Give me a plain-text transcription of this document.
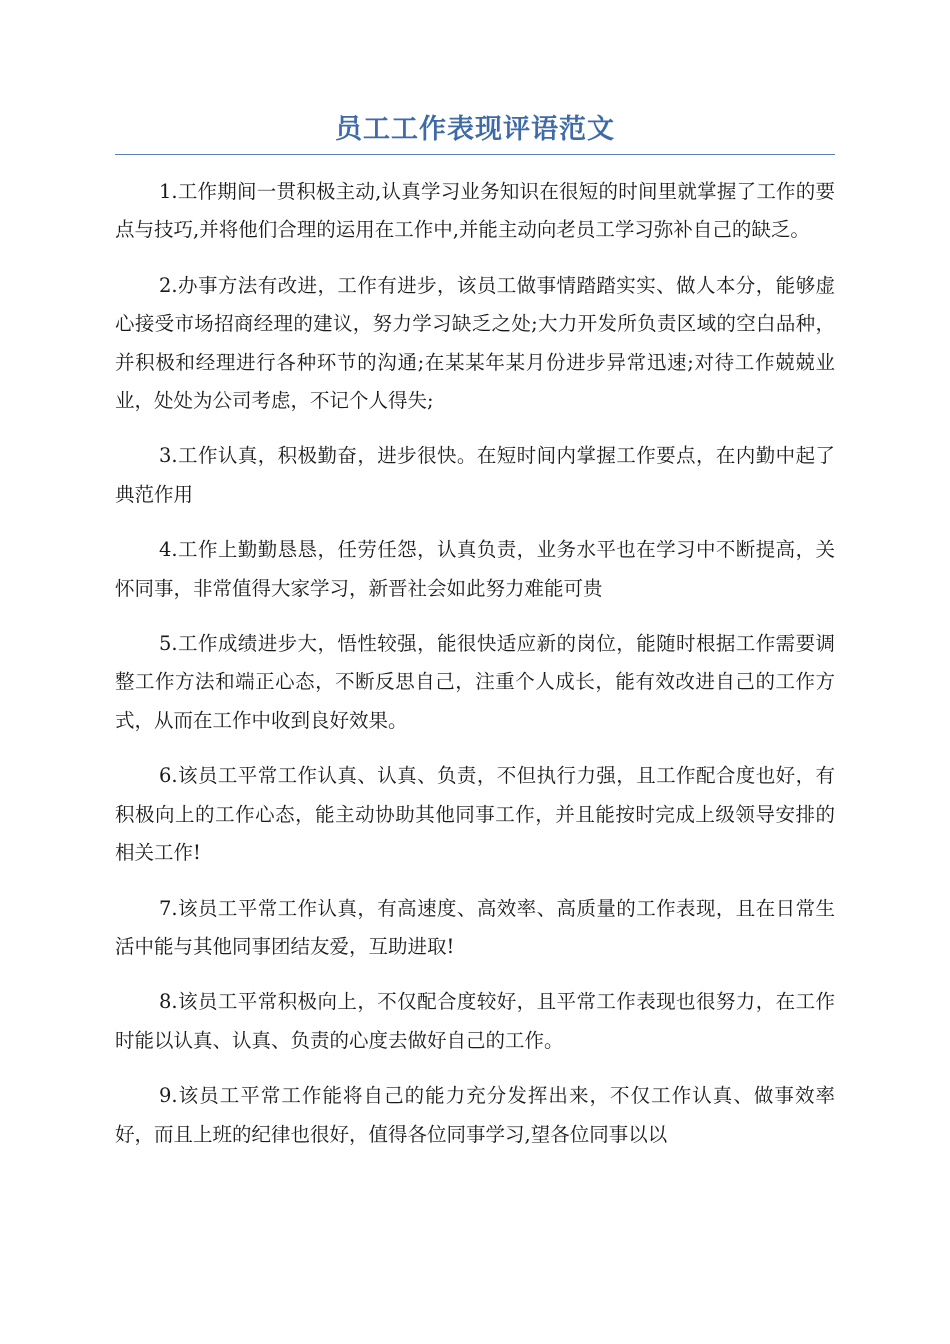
员工工作表现评语范文

1.工作期间一贯积极主动,认真学习业务知识在很短的时间里就掌握了工作的要点与技巧,并将他们合理的运用在工作中,并能主动向老员工学习弥补自己的缺乏。

2.办事方法有改进，工作有进步，该员工做事情踏踏实实、做人本分，能够虚心接受市场招商经理的建议，努力学习缺乏之处;大力开发所负责区域的空白品种，并积极和经理进行各种环节的沟通;在某某年某月份进步异常迅速;对待工作兢兢业业，处处为公司考虑，不记个人得失;

3.工作认真，积极勤奋，进步很快。在短时间内掌握工作要点，在内勤中起了典范作用

4.工作上勤勤恳恳，任劳任怨，认真负责，业务水平也在学习中不断提高，关怀同事，非常值得大家学习，新晋社会如此努力难能可贵

5.工作成绩进步大，悟性较强，能很快适应新的岗位，能随时根据工作需要调整工作方法和端正心态，不断反思自己，注重个人成长，能有效改进自己的工作方式，从而在工作中收到良好效果。

6.该员工平常工作认真、认真、负责，不但执行力强，且工作配合度也好，有积极向上的工作心态，能主动协助其他同事工作，并且能按时完成上级领导安排的相关工作!

7.该员工平常工作认真，有高速度、高效率、高质量的工作表现，且在日常生活中能与其他同事团结友爱，互助进取!

8.该员工平常积极向上，不仅配合度较好，且平常工作表现也很努力，在工作时能以认真、认真、负责的心度去做好自己的工作。

9.该员工平常工作能将自己的能力充分发挥出来，不仅工作认真、做事效率好，而且上班的纪律也很好，值得各位同事学习,望各位同事以以
